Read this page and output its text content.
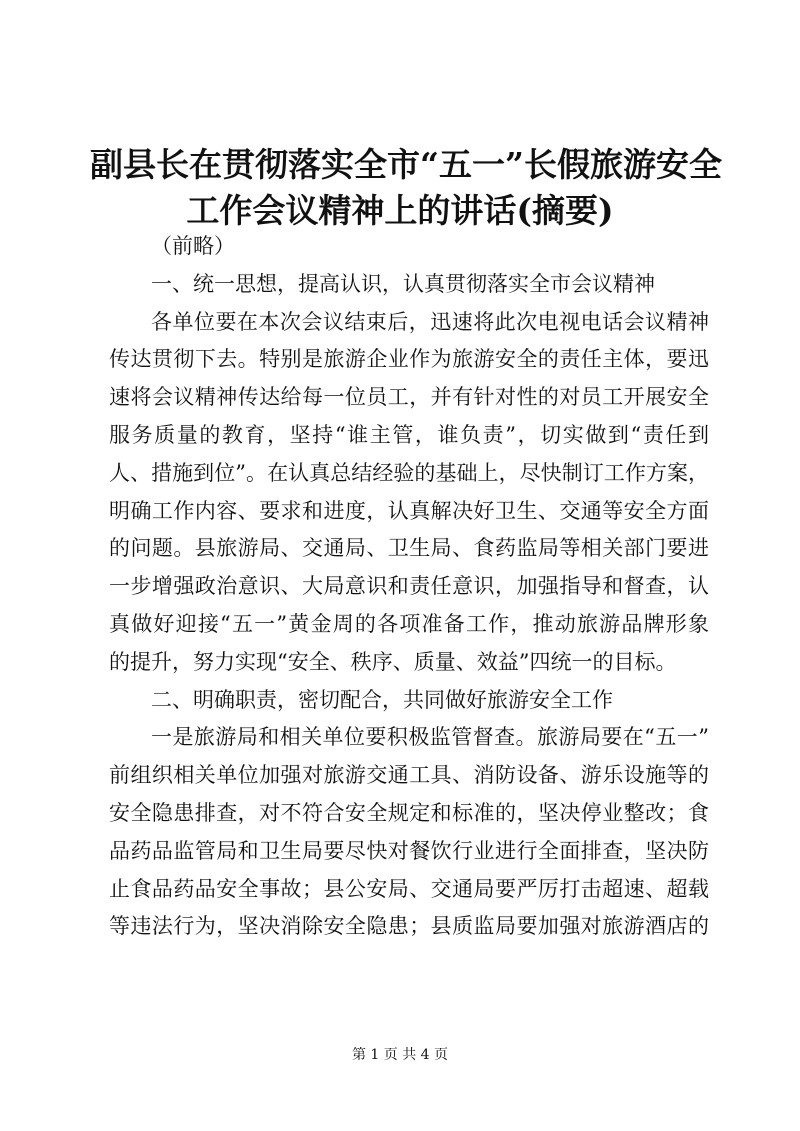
副县长在贯彻落实全市“五一”长假旅游安全
工作会议精神上的讲话(摘要)
（前略）
一、统一思想，提高认识，认真贯彻落实全市会议精神
各单位要在本次会议结束后，迅速将此次电视电话会议精神
传达贯彻下去。特别是旅游企业作为旅游安全的责任主体，要迅
速将会议精神传达给每一位员工，并有针对性的对员工开展安全
服务质量的教育，坚持“谁主管，谁负责”，切实做到“责任到
人、措施到位”。在认真总结经验的基础上，尽快制订工作方案，
明确工作内容、要求和进度，认真解决好卫生、交通等安全方面
的问题。县旅游局、交通局、卫生局、食药监局等相关部门要进
一步增强政治意识、大局意识和责任意识，加强指导和督查，认
真做好迎接“五一”黄金周的各项准备工作，推动旅游品牌形象
的提升，努力实现“安全、秩序、质量、效益”四统一的目标。
二、明确职责，密切配合，共同做好旅游安全工作
一是旅游局和相关单位要积极监管督查。旅游局要在“五一”
前组织相关单位加强对旅游交通工具、消防设备、游乐设施等的
安全隐患排查，对不符合安全规定和标准的，坚决停业整改；食
品药品监管局和卫生局要尽快对餐饮行业进行全面排查，坚决防
止食品药品安全事故；县公安局、交通局要严厉打击超速、超载
等违法行为，坚决消除安全隐患；县质监局要加强对旅游酒店的
第 1 页 共 4 页
